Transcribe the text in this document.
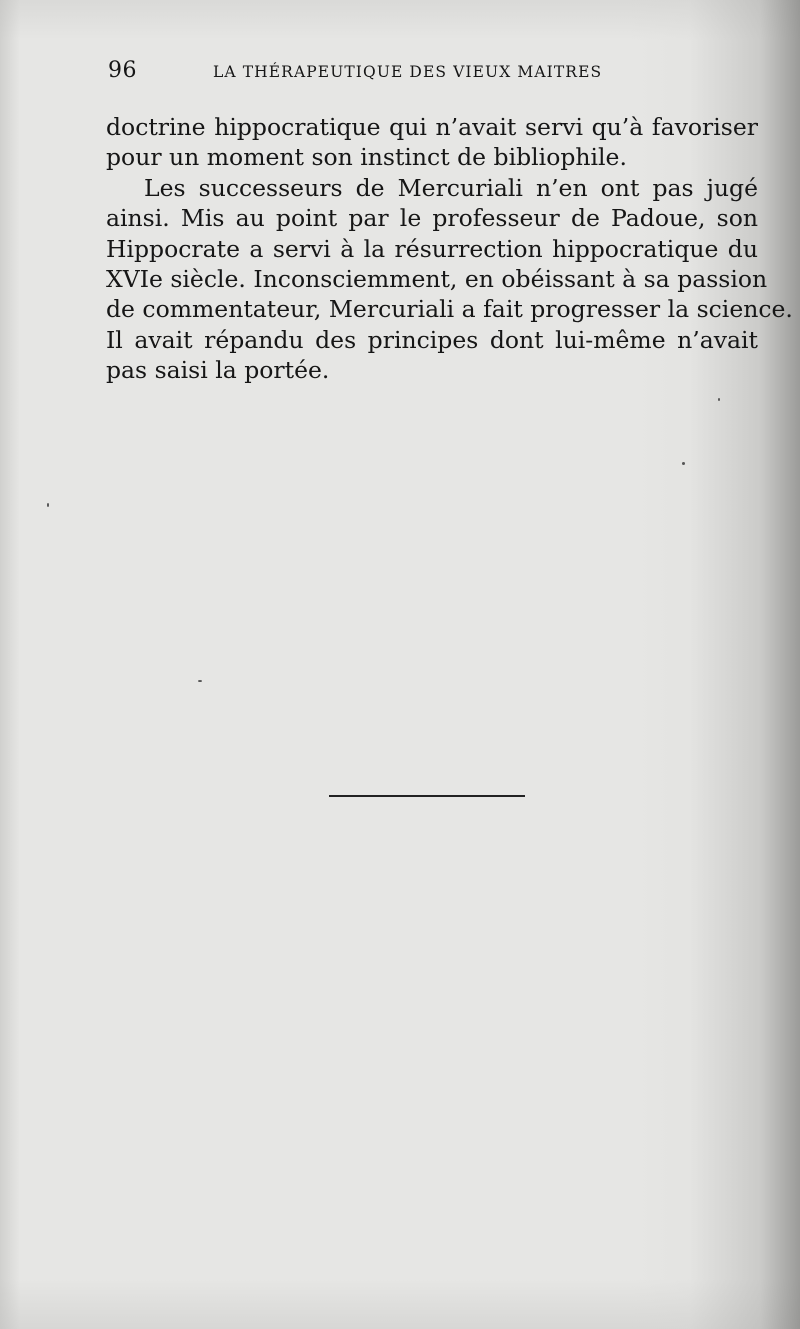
96	LA THÉRAPEUTIQUE DES VIEUX MAITRES
doctrine hippocratique qui n’avait servi qu’à favoriser
pour un moment son instinct de bibliophile.
Les successeurs de Mercuriali n’en ont pas jugé
ainsi. Mis au point par le professeur de Padoue, son
Hippocrate a servi à la résurrection hippocratique du
XVIe siècle. Inconsciemment, en obéissant à sa passion
de commentateur, Mercuriali a fait progresser la science.
Il avait répandu des principes dont lui-même n’avait
pas saisi la portée.
